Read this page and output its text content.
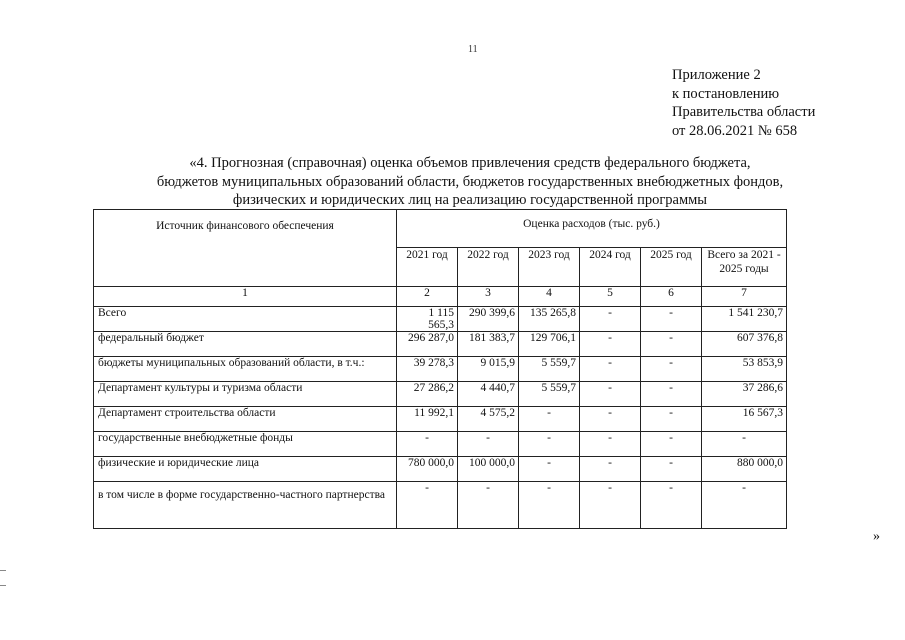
11
Приложение 2
к постановлению
Правительства области
от 28.06.2021 № 658
«4. Прогнозная (справочная) оценка объемов привлечения средств федерального бюджета,
бюджетов муниципальных образований области, бюджетов государственных внебюджетных фондов,
физических и юридических лиц на реализацию государственной программы
Источник финансового обеспечения	Оценка расходов (тыс. руб.)					
	2021 год	2022 год	2023 год	2024 год	2025 год	Всего за 2021 - 2025 годы
1	2	3	4	5	6	7
Всего	1 115 565,3	290 399,6	135 265,8	-	-	1 541 230,7
федеральный бюджет	296 287,0	181 383,7	129 706,1	-	-	607 376,8
бюджеты муниципальных образований области, в т.ч.:	39 278,3	9 015,9	5 559,7	-	-	53 853,9
Департамент культуры и туризма области	27 286,2	4 440,7	5 559,7	-	-	37 286,6
Департамент строительства области	11 992,1	4 575,2	-	-	-	16 567,3
государственные внебюджетные фонды	-	-	-	-	-	-
физические и юридические лица	780 000,0	100 000,0	-	-	-	880 000,0
в том числе в форме государственно-частного партнерства	-	-	-	-	-	-
»
